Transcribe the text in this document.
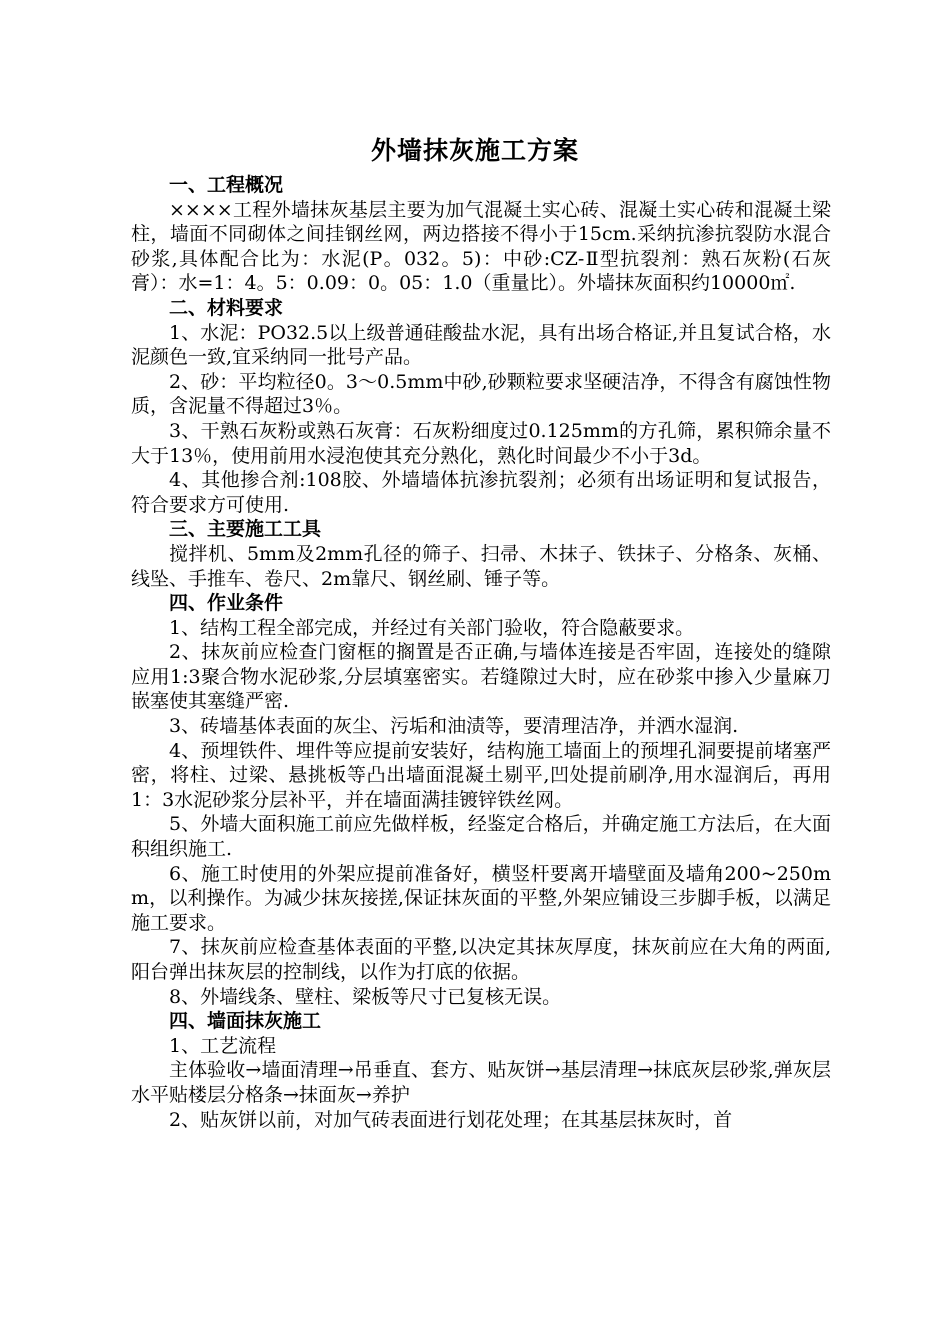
外墙抹灰施工方案

一、工程概况

××××工程外墙抹灰基层主要为加气混凝土实心砖、混凝土实心砖和混凝土梁柱，墙面不同砌体之间挂钢丝网，两边搭接不得小于15cm.采纳抗渗抗裂防水混合砂浆,具体配合比为：水泥(P。032。5)：中砂:CZ-Ⅱ型抗裂剂：熟石灰粉(石灰膏）：水=1：4。5：0.09：0。05：1.0（重量比）。外墙抹灰面积约10000㎡.

二、材料要求

1、水泥：PO32.5以上级普通硅酸盐水泥，具有出场合格证,并且复试合格，水泥颜色一致,宜采纳同一批号产品。

2、砂：平均粒径0。3～0.5mm中砂,砂颗粒要求坚硬洁净，不得含有腐蚀性物质，含泥量不得超过3％。

3、干熟石灰粉或熟石灰膏：石灰粉细度过0.125mm的方孔筛，累积筛余量不大于13％，使用前用水浸泡使其充分熟化，熟化时间最少不小于3d。

4、其他掺合剂:108胶、外墙墙体抗渗抗裂剂；必须有出场证明和复试报告，符合要求方可使用.

三、主要施工工具

搅拌机、5mm及2mm孔径的筛子、扫帚、木抹子、铁抹子、分格条、灰桶、线坠、手推车、卷尺、2m靠尺、钢丝刷、锤子等。

四、作业条件

1、结构工程全部完成，并经过有关部门验收，符合隐蔽要求。

2、抹灰前应检查门窗框的搁置是否正确,与墙体连接是否牢固，连接处的缝隙应用1:3聚合物水泥砂浆,分层填塞密实。若缝隙过大时，应在砂浆中掺入少量麻刀嵌塞使其塞缝严密.

3、砖墙基体表面的灰尘、污垢和油渍等，要清理洁净，并洒水湿润.

4、预埋铁件、埋件等应提前安装好，结构施工墙面上的预埋孔洞要提前堵塞严密，将柱、过梁、悬挑板等凸出墙面混凝土剔平,凹处提前刷净,用水湿润后，再用1：3水泥砂浆分层补平，并在墙面满挂镀锌铁丝网。

5、外墙大面积施工前应先做样板，经鉴定合格后，并确定施工方法后，在大面积组织施工.

6、施工时使用的外架应提前准备好，横竖杆要离开墙壁面及墙角200~250mm，以利操作。为减少抹灰接搓,保证抹灰面的平整,外架应铺设三步脚手板，以满足施工要求。

7、抹灰前应检查基体表面的平整,以决定其抹灰厚度，抹灰前应在大角的两面,阳台弹出抹灰层的控制线，以作为打底的依据。

8、外墙线条、壁柱、梁板等尺寸已复核无误。

四、墙面抹灰施工

1、工艺流程

主体验收→墙面清理→吊垂直、套方、贴灰饼→基层清理→抹底灰层砂浆,弹灰层水平贴楼层分格条→抹面灰→养护

2、贴灰饼以前，对加气砖表面进行划花处理；在其基层抹灰时，首
